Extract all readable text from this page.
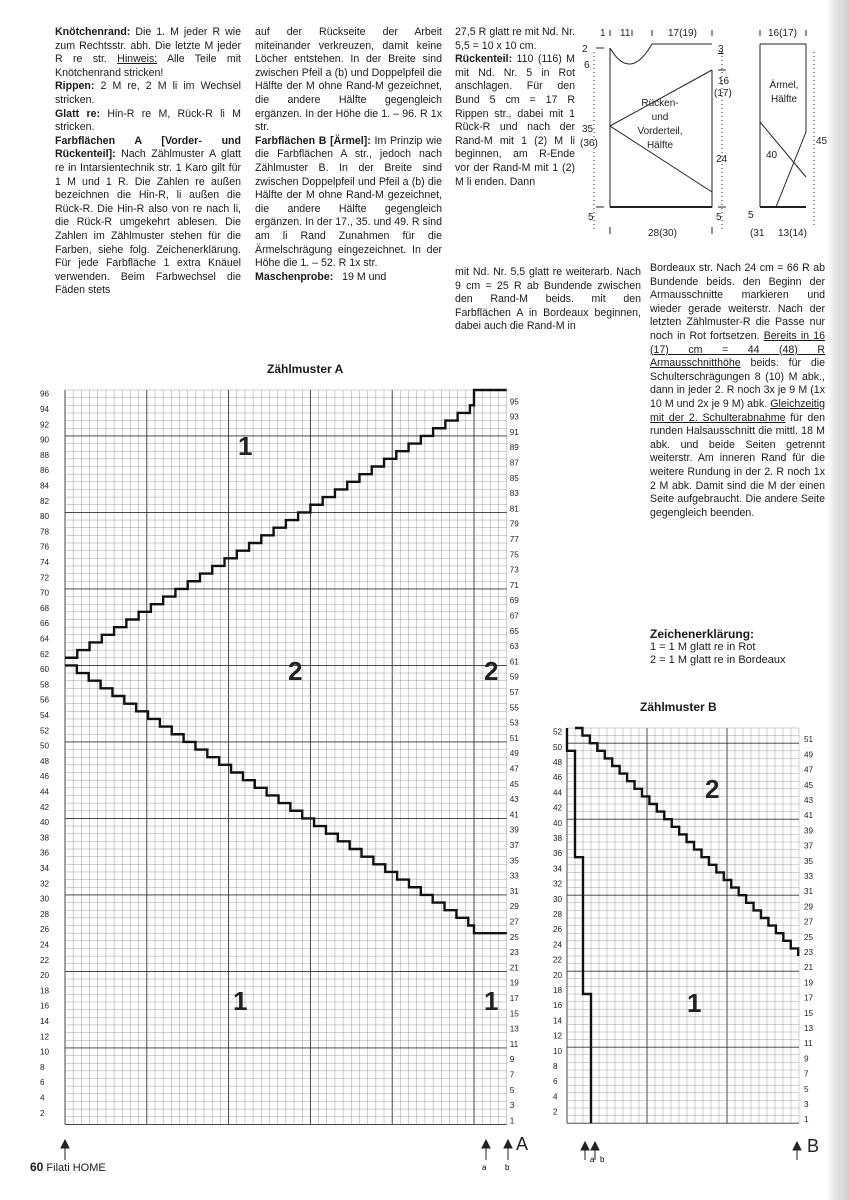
Knötchenrand: Die 1. M jeder R wie zum Rechtsstr. abh. Die letzte M jeder R re str. Hinweis: Alle Teile mit Knötchenrand stricken!

Rippen: 2 M re, 2 M li im Wechsel stricken.

Glatt re: Hin-R re M, Rück-R li M stricken.

Farbflächen A [Vorder- und Rückenteil]: Nach Zählmuster A glatt re in Intarsientechnik str. 1 Karo gilt für 1 M und 1 R. Die Zahlen re außen bezeichnen die Hin-R, li außen die Rück-R. Die Hin-R also von re nach li, die Rück-R umgekehrt ablesen. Die Zahlen im Zählmuster stehen für die Farben, siehe folg. Zeichenerklärung. Für jede Farbfläche 1 extra Knäuel verwenden. Beim Farbwechsel die Fäden stets

auf der Rückseite der Arbeit miteinander verkreuzen, damit keine Löcher entstehen. In der Breite sind zwischen Pfeil a (b) und Doppelpfeil die Hälfte der M ohne Rand-M gezeichnet, die andere Hälfte gegengleich ergänzen. In der Höhe die 1. – 96. R 1x str.

Farbflächen B [Ärmel]: Im Prinzip wie die Farbflächen A str., jedoch nach Zählmuster B. In der Breite sind zwischen Doppelpfeil und Pfeil a (b) die Hälfte der M ohne Rand-M gezeichnet, die andere Hälfte gegengleich ergänzen. In der 17., 35. und 49. R sind am li Rand Zunahmen für die Ärmelschrägung eingezeichnet. In der Höhe die 1. – 52. R 1x str.

Maschenprobe: 19 M und

27,5 R glatt re mit Nd. Nr. 5,5 = 10 x 10 cm.

Rückenteil: 110 (116) M mit Nd. Nr. 5 in Rot anschlagen. Für den Bund 5 cm = 17 R Rippen str., dabei mit 1 Rück-R und nach der Rand-M mit 1 (2) M li beginnen, am R-Ende vor der Rand-M mit 1 (2) M li enden. Dann

mit Nd. Nr. 5,5 glatt re weiterarb. Nach 9 cm = 25 R ab Bundende zwischen den Rand-M beids. mit den Farbflächen A in Bordeaux beginnen, dabei auch die Rand-M in

Bordeaux str. Nach 24 cm = 66 R ab Bundende beids. den Beginn der Armausschnitte markieren und wieder gerade weiterstr. Nach der letzten Zählmuster-R die Passe nur noch in Rot fortsetzen. Bereits in 16 (17) cm = 44 (48) R Armausschnitthöhe beids. für die Schulterschrägungen 8 (10) M abk., dann in jeder 2. R noch 3x je 9 M (1x 10 M und 2x je 9 M) abk. Gleichzeitig mit der 2. Schulterabnahme für den runden Halsausschnitt die mittl. 18 M abk. und beide Seiten getrennt weiterstr. Am inneren Rand für die weitere Rundung in der 2. R noch 1x 2 M abk. Damit sind die M der einen Seite aufgebraucht. Die andere Seite gegengleich beenden.

Zeichenerklärung:
1 = 1 M glatt re in Rot
2 = 1 M glatt re in Bordeaux
Zählmuster A
Zählmuster B
1 11	17(19)
2
6
3
16
(17)
35
(36)
24
5	5
28(30)
Rücken-
und
Vorderteil,
Hälfte
16(17)
40
45
5
13(14)
(31
Ärmel,
Hälfte
1
2
3
4
5
6
7
8
9
10
11
12
13
14
15
16
17
18
19
20
21
22
23
24
25
26
27
28
29
30
31
32
33
34
35
36
37
38
39
40
41
42
43
44
45
46
47
48
49
50
51
52
53
54
55
56
57
58
59
60
61
62
63
64
65
66
67
68
69
70
71
72
73
74
75
76
77
78
79
80
81
82
83
84
85
86
87
88
89
90
91
92
93
94
95
96
1
2	2
1	1
A
a b
1
2
3
4
5
6
7
8
9
10
11
12
13
14
15
16
17
18
19
20
21
22
23
24
25
26
27
28
29
30
31
32
33
34
35
36
37
38
39
40
41
42
43
44
45
46
47
48
49
50
51
52
2
1
B
a b
60 Filati HOME
